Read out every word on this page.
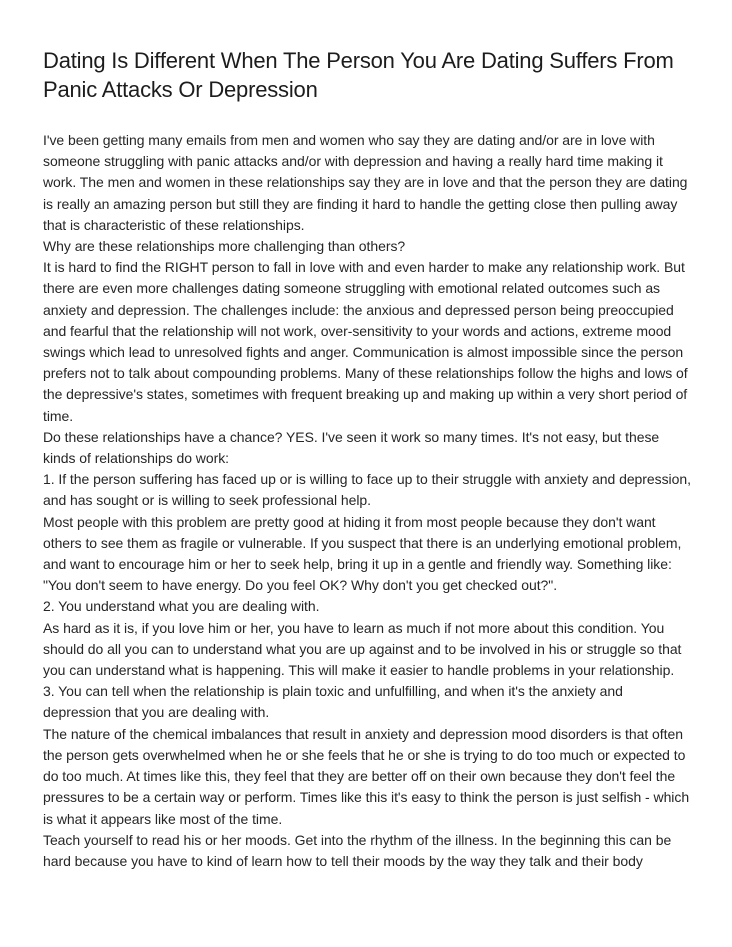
Dating Is Different When The Person You Are Dating Suffers From
Panic Attacks Or Depression

I've been getting many emails from men and women who say they are dating and/or are in love with someone struggling with panic attacks and/or with depression and having a really hard time making it work. The men and women in these relationships say they are in love and that the person they are dating is really an amazing person but still they are finding it hard to handle the getting close then pulling away that is characteristic of these relationships.

Why are these relationships more challenging than others?

It is hard to find the RIGHT person to fall in love with and even harder to make any relationship work. But there are even more challenges dating someone struggling with emotional related outcomes such as anxiety and depression. The challenges include: the anxious and depressed person being preoccupied and fearful that the relationship will not work, over-sensitivity to your words and actions, extreme mood swings which lead to unresolved fights and anger. Communication is almost impossible since the person prefers not to talk about compounding problems. Many of these relationships follow the highs and lows of the depressive's states, sometimes with frequent breaking up and making up within a very short period of time.

Do these relationships have a chance? YES. I've seen it work so many times. It's not easy, but these kinds of relationships do work:

1. If the person suffering has faced up or is willing to face up to their struggle with anxiety and depression, and has sought or is willing to seek professional help.

Most people with this problem are pretty good at hiding it from most people because they don't want others to see them as fragile or vulnerable. If you suspect that there is an underlying emotional problem, and want to encourage him or her to seek help, bring it up in a gentle and friendly way. Something like: "You don't seem to have energy. Do you feel OK? Why don't you get checked out?".

2. You understand what you are dealing with.

As hard as it is, if you love him or her, you have to learn as much if not more about this condition. You should do all you can to understand what you are up against and to be involved in his or struggle so that you can understand what is happening. This will make it easier to handle problems in your relationship.

3. You can tell when the relationship is plain toxic and unfulfilling, and when it's the anxiety and depression that you are dealing with.

The nature of the chemical imbalances that result in anxiety and depression mood disorders is that often the person gets overwhelmed when he or she feels that he or she is trying to do too much or expected to do too much. At times like this, they feel that they are better off on their own because they don't feel the pressures to be a certain way or perform. Times like this it's easy to think the person is just selfish - which is what it appears like most of the time.

Teach yourself to read his or her moods. Get into the rhythm of the illness. In the beginning this can be hard because you have to kind of learn how to tell their moods by the way they talk and their body
